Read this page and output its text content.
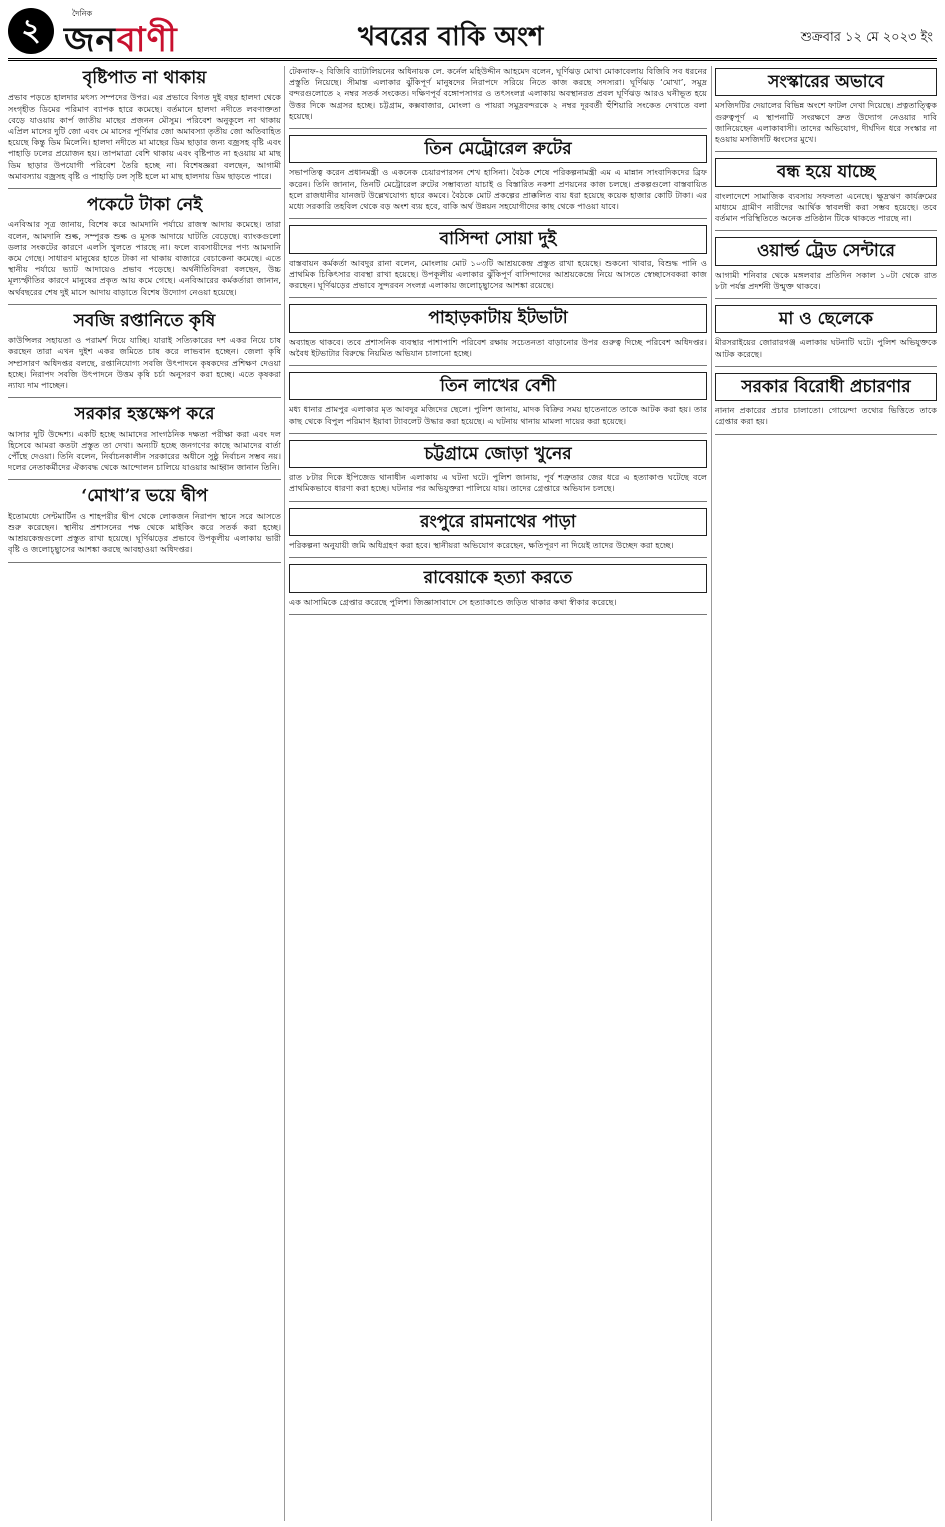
২	দৈনিক
জনবাণী	খবরের বাকি অংশ	শুক্রবার ১২ মে ২০২৩ ইং
বৃষ্টিপাত না থাকায়

প্রভাব পড়তে হালদার মৎস্য সম্পদের উপর। এর প্রভাবে বিগত দুই বছর হালদা থেকে সংগৃহীত ডিমের পরিমাণ ব্যাপক হারে কমেছে। বর্তমানে হালদা নদীতে লবণাক্ততা বেড়ে যাওয়ায় কার্প জাতীয় মাছের প্রজনন মৌসুম। পরিবেশ অনুকূলে না থাকায় এপ্রিল মাসের দুটি জো এবং মে মাসের পূর্ণিমার জো অমাবস্যা তৃতীয় জো অতিবাহিত হয়েছে কিন্তু ডিম মিলেনি। হালদা নদীতে মা মাছের ডিম ছাড়ার জন্য বজ্রসহ বৃষ্টি এবং পাহাড়ি ঢলের প্রয়োজন হয়। তাপমাত্রা বেশি থাকায় এবং বৃষ্টিপাত না হওয়ায় মা মাছ ডিম ছাড়ার উপযোগী পরিবেশ তৈরি হচ্ছে না। বিশেষজ্ঞরা বলছেন, আগামী অমাবস্যায় বজ্রসহ বৃষ্টি ও পাহাড়ি ঢল সৃষ্টি হলে মা মাছ হালদায় ডিম ছাড়তে পারে।

পকেটে টাকা নেই

এনবিআর সূত্র জানায়, বিশেষ করে আমদানি পর্যায়ে রাজস্ব আদায় কমেছে। তারা বলেন, আমদানি শুল্ক, সম্পূরক শুল্ক ও মূসক আদায়ে ঘাটতি বেড়েছে। ব্যাংকগুলো ডলার সংকটের কারণে এলসি খুলতে পারছে না। ফলে ব্যবসায়ীদের পণ্য আমদানি কমে গেছে। সাধারণ মানুষের হাতে টাকা না থাকায় বাজারে বেচাকেনা কমেছে। এতে স্থানীয় পর্যায়ে ভ্যাট আদায়েও প্রভাব পড়েছে। অর্থনীতিবিদরা বলছেন, উচ্চ মূল্যস্ফীতির কারণে মানুষের প্রকৃত আয় কমে গেছে। এনবিআরের কর্মকর্তারা জানান, অর্থবছরের শেষ দুই মাসে আদায় বাড়াতে বিশেষ উদ্যোগ নেওয়া হয়েছে।

সবজি রপ্তানিতে কৃষি

কাউন্সিলর সহায়তা ও পরামর্শ দিয়ে যাচ্ছি। যারাই সত্যিকারের দশ একর নিয়ে চাষ করছেন তারা এখন দুইশ একর জমিতে চাষ করে লাভবান হচ্ছেন। জেলা কৃষি সম্প্রসারণ অধিদপ্তর বলছে, রপ্তানিযোগ্য সবজি উৎপাদনে কৃষকদের প্রশিক্ষণ দেওয়া হচ্ছে। নিরাপদ সবজি উৎপাদনে উত্তম কৃষি চর্চা অনুসরণ করা হচ্ছে। এতে কৃষকরা ন্যায্য দাম পাচ্ছেন।

সরকার হস্তক্ষেপ করে

আসার দুটি উদ্দেশ্য। একটি হচ্ছে আমাদের সাংগঠনিক দক্ষতা পরীক্ষা করা এবং দল হিসেবে আমরা কতটা প্রস্তুত তা দেখা। অন্যটি হচ্ছে জনগণের কাছে আমাদের বার্তা পৌঁছে দেওয়া। তিনি বলেন, নির্বাচনকালীন সরকারের অধীনে সুষ্ঠু নির্বাচন সম্ভব নয়। দলের নেতাকর্মীদের ঐক্যবদ্ধ থেকে আন্দোলন চালিয়ে যাওয়ার আহ্বান জানান তিনি।

‘মোখা’র ভয়ে দ্বীপ

ইতোমধ্যে সেন্টমার্টিন ও শাহপরীর দ্বীপ থেকে লোকজন নিরাপদ স্থানে সরে আসতে শুরু করেছেন। স্থানীয় প্রশাসনের পক্ষ থেকে মাইকিং করে সতর্ক করা হচ্ছে। আশ্রয়কেন্দ্রগুলো প্রস্তুত রাখা হয়েছে। ঘূর্ণিঝড়ের প্রভাবে উপকূলীয় এলাকায় ভারী বৃষ্টি ও জলোচ্ছ্বাসের আশঙ্কা করছে আবহাওয়া অধিদপ্তর।

টেকনাফ-২ বিজিবি ব্যাটালিয়নের অধিনায়ক লে. কর্নেল মহিউদ্দীন আহমেদ বলেন, ঘূর্ণিঝড় মোখা মোকাবেলায় বিজিবি সব ধরনের প্রস্তুতি নিয়েছে। সীমান্ত এলাকার ঝুঁকিপূর্ণ মানুষদের নিরাপদে সরিয়ে নিতে কাজ করছে সদস্যরা। ঘূর্ণিঝড় ‘মোখা’, সমুদ্র বন্দরগুলোতে ২ নম্বর সতর্ক সংকেত। দক্ষিণপূর্ব বঙ্গোপসাগর ও তৎসংলগ্ন এলাকায় অবস্থানরত প্রবল ঘূর্ণিঝড় আরও ঘনীভূত হয়ে উত্তর দিকে অগ্রসর হচ্ছে। চট্টগ্রাম, কক্সবাজার, মোংলা ও পায়রা সমুদ্রবন্দরকে ২ নম্বর দূরবর্তী হুঁশিয়ারি সংকেত দেখাতে বলা হয়েছে।

তিন মেট্রোরেল রুটের

সভাপতিত্ব করেন প্রধানমন্ত্রী ও একনেক চেয়ারপারসন শেখ হাসিনা। বৈঠক শেষে পরিকল্পনামন্ত্রী এম এ মান্নান সাংবাদিকদের ব্রিফ করেন। তিনি জানান, তিনটি মেট্রোরেল রুটের সম্ভাব্যতা যাচাই ও বিস্তারিত নকশা প্রণয়নের কাজ চলছে। প্রকল্পগুলো বাস্তবায়িত হলে রাজধানীর যানজট উল্লেখযোগ্য হারে কমবে। বৈঠকে মোট প্রকল্পের প্রাক্কলিত ব্যয় ধরা হয়েছে কয়েক হাজার কোটি টাকা। এর মধ্যে সরকারি তহবিল থেকে বড় অংশ ব্যয় হবে, বাকি অর্থ উন্নয়ন সহযোগীদের কাছ থেকে পাওয়া যাবে।

বাসিন্দা সোয়া দুই

বাস্তবায়ন কর্মকর্তা আবদুর রানা বলেন, মোংলায় মোট ১০৩টি আশ্রয়কেন্দ্র প্রস্তুত রাখা হয়েছে। শুকনো খাবার, বিশুদ্ধ পানি ও প্রাথমিক চিকিৎসার ব্যবস্থা রাখা হয়েছে। উপকূলীয় এলাকার ঝুঁকিপূর্ণ বাসিন্দাদের আশ্রয়কেন্দ্রে নিয়ে আসতে স্বেচ্ছাসেবকরা কাজ করছেন। ঘূর্ণিঝড়ের প্রভাবে সুন্দরবন সংলগ্ন এলাকায় জলোচ্ছ্বাসের আশঙ্কা রয়েছে।

পাহাড়কাটায় ইটভাটা

অব্যাহত থাকবে। তবে প্রশাসনিক ব্যবস্থার পাশাপাশি পরিবেশ রক্ষায় সচেতনতা বাড়ানোর উপর গুরুত্ব দিচ্ছে পরিবেশ অধিদপ্তর। অবৈধ ইটভাটার বিরুদ্ধে নিয়মিত অভিযান চালানো হচ্ছে।

তিন লাখের বেশী

মধ্য ধানার প্রামপুর এলাকার মৃত আবদুর মজিদের ছেলে। পুলিশ জানায়, মাদক বিক্রির সময় হাতেনাতে তাকে আটক করা হয়। তার কাছ থেকে বিপুল পরিমাণ ইয়াবা ট্যাবলেট উদ্ধার করা হয়েছে। এ ঘটনায় থানায় মামলা দায়ের করা হয়েছে।

চট্টগ্রামে জোড়া খুনের

রাত ৮টার দিকে ইপিজেড থানাধীন এলাকায় এ ঘটনা ঘটে। পুলিশ জানায়, পূর্ব শত্রুতার জের ধরে এ হত্যাকাণ্ড ঘটেছে বলে প্রাথমিকভাবে ধারণা করা হচ্ছে। ঘটনার পর অভিযুক্তরা পালিয়ে যায়। তাদের গ্রেপ্তারে অভিযান চলছে।

রংপুরে রামনাথের পাড়া

পরিকল্পনা অনুযায়ী জমি অধিগ্রহণ করা হবে। স্থানীয়রা অভিযোগ করেছেন, ক্ষতিপূরণ না দিয়েই তাদের উচ্ছেদ করা হচ্ছে।

রাবেয়াকে হত্যা করতে

এক আসামিকে গ্রেপ্তার করেছে পুলিশ। জিজ্ঞাসাবাদে সে হত্যাকাণ্ডে জড়িত থাকার কথা স্বীকার করেছে।

সংস্কারের অভাবে

মসজিদটির দেয়ালের বিভিন্ন অংশে ফাটল দেখা দিয়েছে। প্রত্নতাত্ত্বিক গুরুত্বপূর্ণ এ স্থাপনাটি সংরক্ষণে দ্রুত উদ্যোগ নেওয়ার দাবি জানিয়েছেন এলাকাবাসী। তাদের অভিযোগ, দীর্ঘদিন ধরে সংস্কার না হওয়ায় মসজিদটি ধ্বংসের মুখে।

বন্ধ হয়ে যাচ্ছে

বাংলাদেশে সামাজিক ব্যবসায় সফলতা এনেছে। ক্ষুদ্রঋণ কার্যক্রমের মাধ্যমে গ্রামীণ নারীদের আর্থিক স্বাবলম্বী করা সম্ভব হয়েছে। তবে বর্তমান পরিস্থিতিতে অনেক প্রতিষ্ঠান টিকে থাকতে পারছে না।

ওয়ার্ল্ড ট্রেড সেন্টারে

আগামী শনিবার থেকে মঙ্গলবার প্রতিদিন সকাল ১০টা থেকে রাত ৮টা পর্যন্ত প্রদর্শনী উন্মুক্ত থাকবে।

মা ও ছেলেকে

মীরসরাইয়ের জোরারগঞ্জ এলাকায় ঘটনাটি ঘটে। পুলিশ অভিযুক্তকে আটক করেছে।

সরকার বিরোধী প্রচারণার

নানান প্রকারের প্রচার চালাতো। গোয়েন্দা তথ্যের ভিত্তিতে তাকে গ্রেপ্তার করা হয়।
